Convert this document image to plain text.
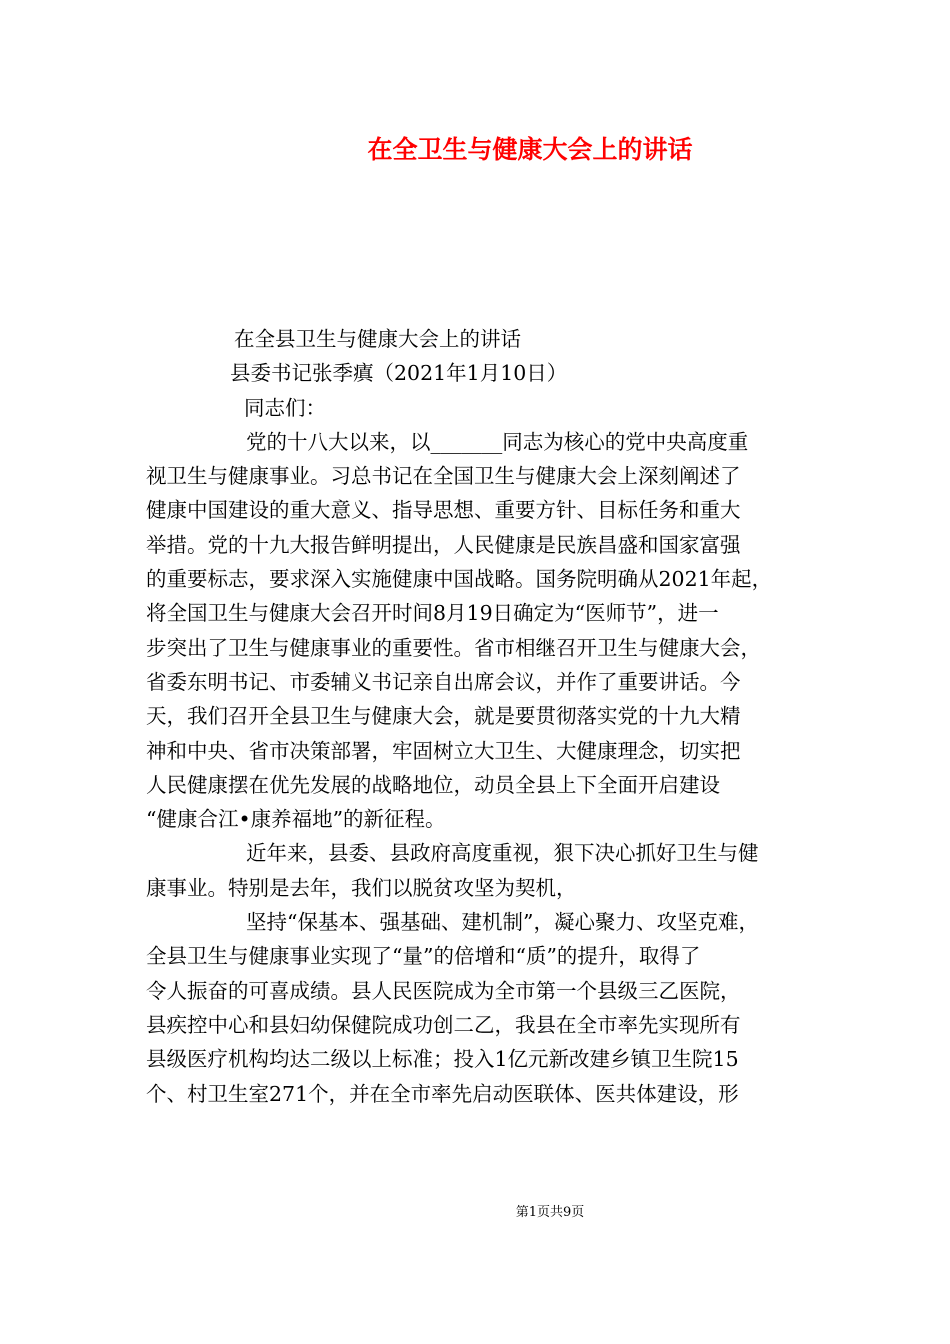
在全卫生与健康大会上的讲话
在全县卫生与健康大会上的讲话
县委书记张季瘨（2021年1月10日）
同志们：
党的十八大以来，以_______同志为核心的党中央高度重
视卫生与健康事业。习总书记在全国卫生与健康大会上深刻阐述了
健康中国建设的重大意义、指导思想、重要方针、目标任务和重大
举措。党的十九大报告鲜明提出，人民健康是民族昌盛和国家富强
的重要标志，要求深入实施健康中国战略。国务院明确从2021年起，
将全国卫生与健康大会召开时间8月19日确定为“医师节”，进一
步突出了卫生与健康事业的重要性。省市相继召开卫生与健康大会，
省委东明书记、市委辅义书记亲自出席会议，并作了重要讲话。今
天，我们召开全县卫生与健康大会，就是要贯彻落实党的十九大精
神和中央、省市决策部署，牢固树立大卫生、大健康理念，切实把
人民健康摆在优先发展的战略地位，动员全县上下全面开启建设
“健康合江•康养福地”的新征程。
近年来，县委、县政府高度重视，狠下决心抓好卫生与健
康事业。特别是去年，我们以脱贫攻坚为契机，
坚持“保基本、强基础、建机制”，凝心聚力、攻坚克难，
全县卫生与健康事业实现了“量”的倍增和“质”的提升，取得了
令人振奋的可喜成绩。县人民医院成为全市第一个县级三乙医院，
县疾控中心和县妇幼保健院成功创二乙，我县在全市率先实现所有
县级医疗机构均达二级以上标准；投入1亿元新改建乡镇卫生院15
个、村卫生室271个，并在全市率先启动医联体、医共体建设，形
第1页共9页
